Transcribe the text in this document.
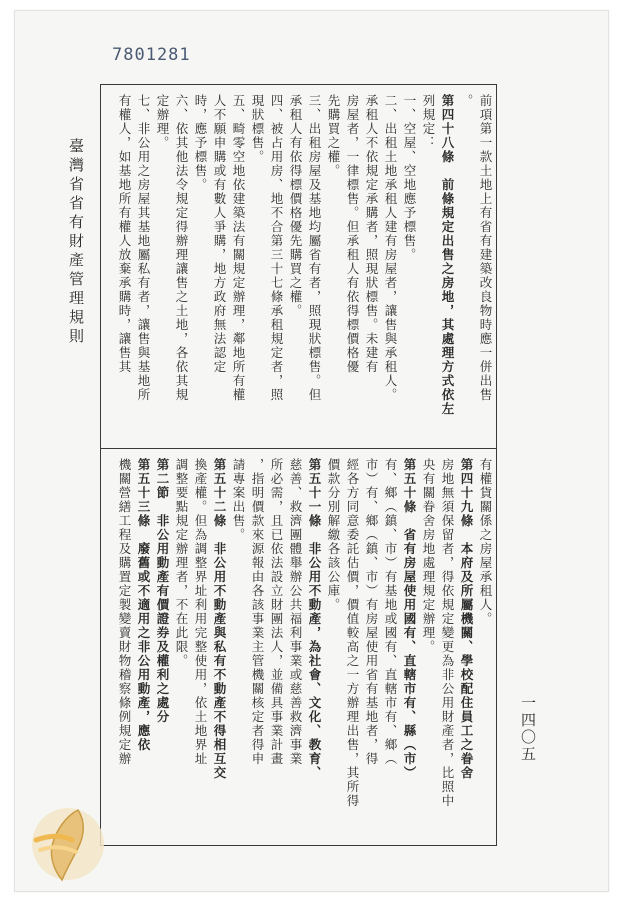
7801281
臺灣省省有財產管理規則
一四〇五
前項第一款土地上有省有建築改良物時應一併出售
。
第四十八條　前條規定出售之房地，其處理方式依左
列規定：
一、空屋、空地應予標售。
二、出租土地承租人建有房屋者，讓售與承租人。
承租人不依規定承購者，照現狀標售。未建有
房屋者，一律標售。但承租人有依得標價格優
先購買之權。
三、出租房屋及基地均屬省有者，照現狀標售。但
承租人有依得標價格優先購買之權。
四、被占用房、地不合第三十七條承租規定者，照
現狀標售。
五、畸零空地依建築法有關規定辦理，鄰地所有權
人不願申購或有數人爭購，地方政府無法認定
時，應予標售。
六、依其他法令規定得辦理讓售之土地，各依其規
定辦理。
七、非公用之房屋其基地屬私有者，讓售與基地所
有權人，如基地所有權人放棄承購時，讓售其
有權貨關係之房屋承租人。
第四十九條　本府及所屬機關、學校配住員工之眷舍
房地無須保留者，得依規定變更為非公用財產者，比照中
央有關眷舍房地處理規定辦理。
第五十條　省有房屋使用國有、直轄市有、縣（市）
有、鄉（鎮、市）有基地或國有、直轄市有、鄉（
市）有、鄉（鎮、市）有房屋使用省有基地者，得
經各方同意委託估價，價值較高之一方辦理出售，其所得
價款分別解繳各該公庫。
第五十一條　非公用不動產，為社會、文化、教育、
慈善、救濟團體舉辦公共福利事業或慈善救濟事業
所必需，且已依法設立財團法人，並備具事業計畫
，指明價款來源報由各該事業主管機關核定者得申
請專案出售。
第五十二條　非公用不動產與私有不動產不得相互交
換產權。但為調整界址利用完整使用，依土地界址
調整要點規定辦理者，不在此限。
第二節　非公用動產有價證券及權利之處分
第五十三條　廢舊或不適用之非公用動產，應依
機關營繕工程及購置定製變賣財物稽察條例規定辦
